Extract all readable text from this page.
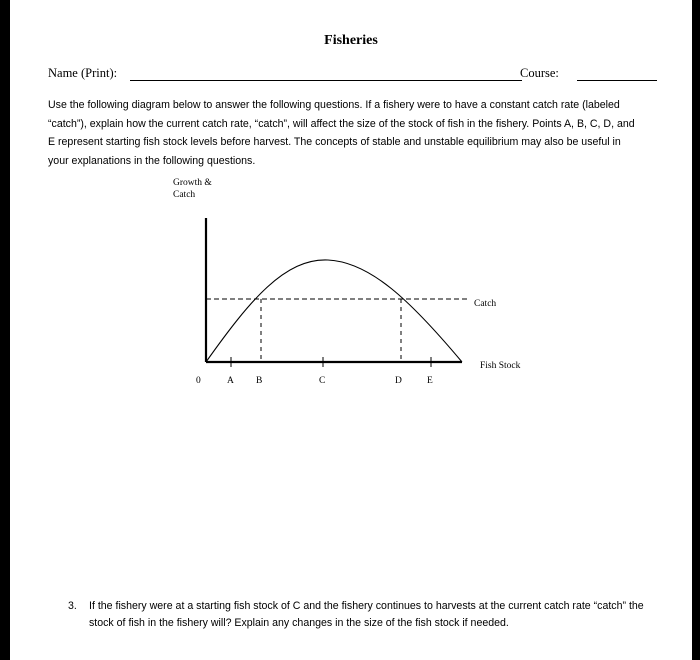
Fisheries
Name (Print):	Course:
Use the following diagram below to answer the following questions. If a fishery were to have a constant catch rate (labeled “catch”), explain how the current catch rate, “catch”, will affect the size of the stock of fish in the fishery. Points A, B, C, D, and E represent starting fish stock levels before harvest. The concepts of stable and unstable equilibrium may also be useful in your explanations in the following questions.
Growth &
Catch
Catch
Fish Stock
0	A B	C	D	E
3. If the fishery were at a starting fish stock of C and the fishery continues to harvests at the current catch rate “catch” the stock of fish in the fishery will? Explain any changes in the size of the fish stock if needed.
